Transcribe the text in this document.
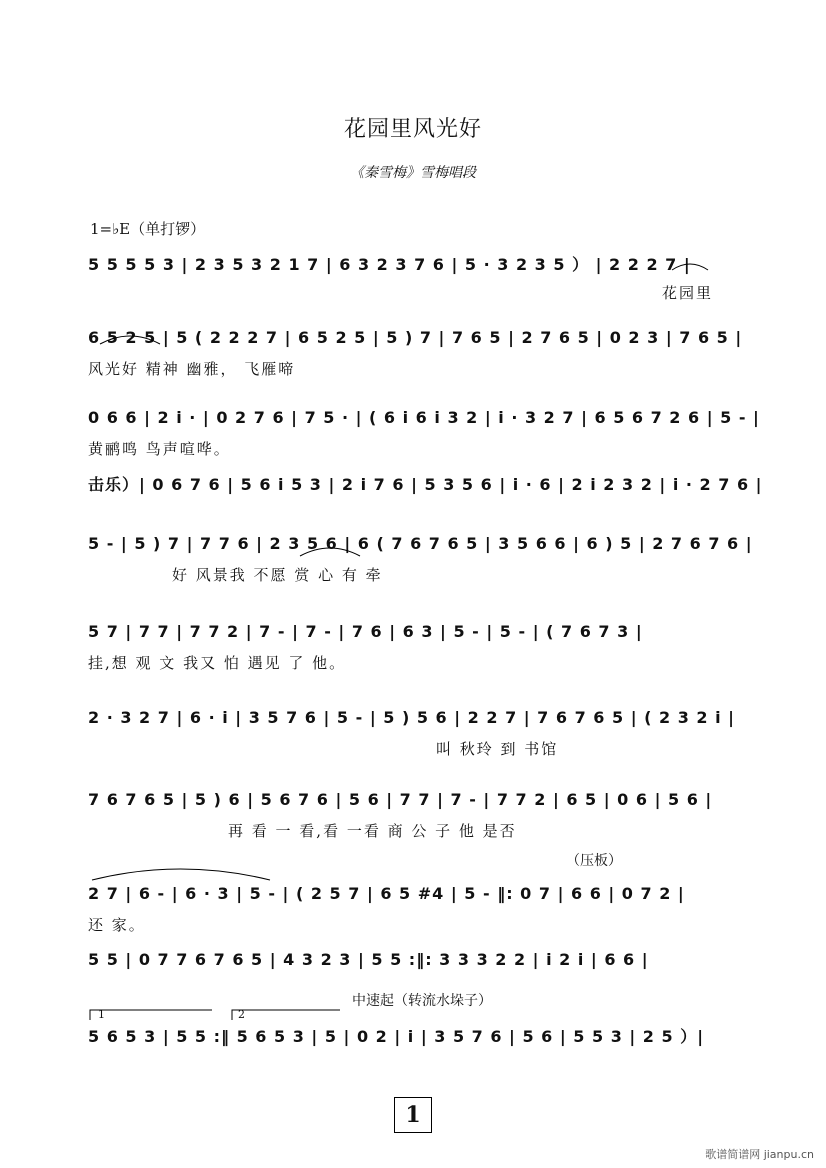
花园里风光好
《秦雪梅》雪梅唱段
1=♭E（单打锣）
5 5 5 5 3 | 2 3 5 3 2 1 7 | 6 3 2 3 7 6 | 5 · 3 2 3 5 ） | 2 2 2 7 |
花园里
6 5 2 5 | 5 ( 2 2 2 7 | 6 5 2 5 | 5 ) 7 | 7 6 5 | 2 7 6 5 | 0 2 3 | 7 6 5 |
风光好 精神 幽雅， 飞雁啼
0 6 6 | 2 i · | 0 2 7 6 | 7 5 · | ( 6 i 6 i 3 2 | i · 3 2 7 | 6 5 6 7 2 6 | 5 - |
黄鹂鸣 鸟声喧哗。
击乐）| 0 6 7 6 | 5 6 i 5 3 | 2 i 7 6 | 5 3 5 6 | i · 6 | 2 i 2 3 2 | i · 2 7 6 |
5 - | 5 ) 7 | 7 7 6 | 2 3 5 6 | 6 ( 7 6 7 6 5 | 3 5 6 6 | 6 ) 5 | 2 7 6 7 6 |
好 风景我 不愿 赏 心 有 牵
5 7 | 7 7 | 7 7 2 | 7 - | 7 - | 7 6 | 6 3 | 5 - | 5 - | ( 7 6 7 3 |
挂,想 观 文 我又 怕 遇见 了 他。
2 · 3 2 7 | 6 · i | 3 5 7 6 | 5 - | 5 ) 5 6 | 2 2 7 | 7 6 7 6 5 | ( 2 3 2 i |
叫 秋玲 到 书馆
7 6 7 6 5 | 5 ) 6 | 5 6 7 6 | 5 6 | 7 7 | 7 - | 7 7 2 | 6 5 | 0 6 | 5 6 |
再 看 一 看,看 一看 商 公 子 他 是否
（压板）
2 7 | 6 - | 6 · 3 | 5 - | ( 2 5 7 | 6 5 #4 | 5 - ‖: 0 7 | 6 6 | 0 7 2 |
还 家。
5 5 | 0 7 7 6 7 6 5 | 4 3 2 3 | 5 5 :‖: 3 3 3 2 2 | i 2 i | 6 6 |
中速起（转流水垛子）
1	2
5 6 5 3 | 5 5 :‖ 5 6 5 3 | 5 | 0 2 | i | 3 5 7 6 | 5 6 | 5 5 3 | 2 5 ）|
1
歌谱简谱网 jianpu.cn
